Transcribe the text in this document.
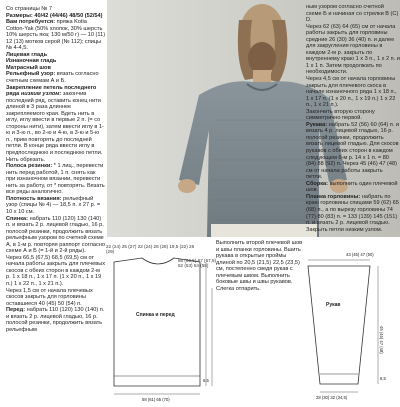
Со страницы № 7

Размеры: 40/42 (44/46) 48/50 (52/54)

Вам потребуется: пряжа Kotia Cotton-Yak (50% хлопок, 30% шерсть 10% шерсть яка; 130 м/50 г) — 10 (11) 12 (13) мотков серой (№ 112); спицы № 4-4,5.

Лицевая гладь

Изнаночная гладь

Матрасный шов

Рельефный узор: вязать согласно счетным схемам А и Б.

Закрепление петель последнего ряда низким узлом: закончив последний ряд, оставить конец нити длиной в 3 раза длиннее закрепляемого края. Вдеть нить в иглу, иглу ввести в первые 2 п. (= со стороны нити), затем ввести иглу в 1-ю и 3-ю п., во 2-ю и 4-ю, в 3-ю и 5-ю п., прим повторять до последней петли. В конце ряда ввести иглу в предпоследнюю и последнюю петли. Нить обрезать.

Полоса резинки: * 1 лиц., перевести нить перед работой, 1 п. снять как при изнаночном вязании, перевести нить за работу, от * повторять. Вязать все ряды аналогично.

Плотность вязания: рельефный узор (спицы № 4) — 18,5 п. х 27 р. = 10 х 10 см.

Спинка: набрать 110 (120) 130 (140) п. и вязать 2 р. лицевой гладью, 16 р. полосой резинки, продолжить вязать рельефным узором по счетной схеме А, в 1-м р. повторяя раппорт согласно схеме А и Б (= 1-й и 2-й ряды).

Через 66,5 (67,5) 68,5 (69,5) см от начала работы закрыть для плечевых скосов с обеих сторон в каждом 2-м р. 1 х 18 п., 1 х 17 п. (1 х 20 п., 1 х 19 п.) 1 х 22 п., 1 х 21 п.).

Через 1,5 см от начала плечевых скосов закрыть для горловины оставшиеся 40 (45) 50 (54) п.

Перед: набрать 110 (120) 130 (140) п. и вязать 2 р. лицевой гладью, 16 р. полосой резинки, продолжить вязать рельефным

ным узором согласно счетной схеме Б и начиная со стрелки B (C) D.

Через 62 (63) 64 (65) см от начала работы закрыть для горловины средние 26 (30) 36 (40) п. и далее для закругления горловины в каждом 2-м р. закрыть по внутреннему краю 1 х 3 п., 1 х 2 п. и 1 х 1 п. Затем продолжать по необходимости.

Через 4,5 см от начала горловины закрыть для плечевого скоса в начале изнаночного ряда 1 х 18 п., 1 х 17 п. (1 х 20 п., 1 х 19 п.) 1 х 22 п., 1 х 21 п.).

Закончить вторую сторону симметрично первой.

Рукава: набрать 52 (56) 60 (64) п. и вязать 4 р. лицевой гладью, 16 р. полосой резинки, продолжить вязать лицевой гладью. Для скосов рукавов с обеих сторон в каждом следующем 6-м р. 14 х 1 п. = 80 (84) 88 (92) п. Через 45 (46) 47 (48) см от начала работы закрыть петли.

Сборка: выполнить один плечевой шов.

Планка горловины: набрать по краю горловины спицами 59 (62) 65 (68) п., а по вырезу горловины 74 (77) 80 (83) п. = 133 (139) 145 (151) п. и вязать 2 р. лицевой гладью. Закрыть петли низким узлом.

Выполнить второй плечевой шов и швы планки горловины. Вшить рукава в открытые проймы длиной по 20,5 (21,5) 22,5 (23,5) см, постепенно сведя рукав с плечевым швом. Выполнить боковые швы и швы рукавов. Слегка отпарить.

Спинка и перед
58 (61) 65 (70)
6,5
22 (24) 25 (27) 22 (24) 26 (28) 19,5 (22) 26 (29)

66 (66,5) 67 (67,5)

52 (53) 54 (55)

Рукав
43 (45) 47 (50)
28 (30) 32 (34,5)
6,5
45 (46) 47 (48)
